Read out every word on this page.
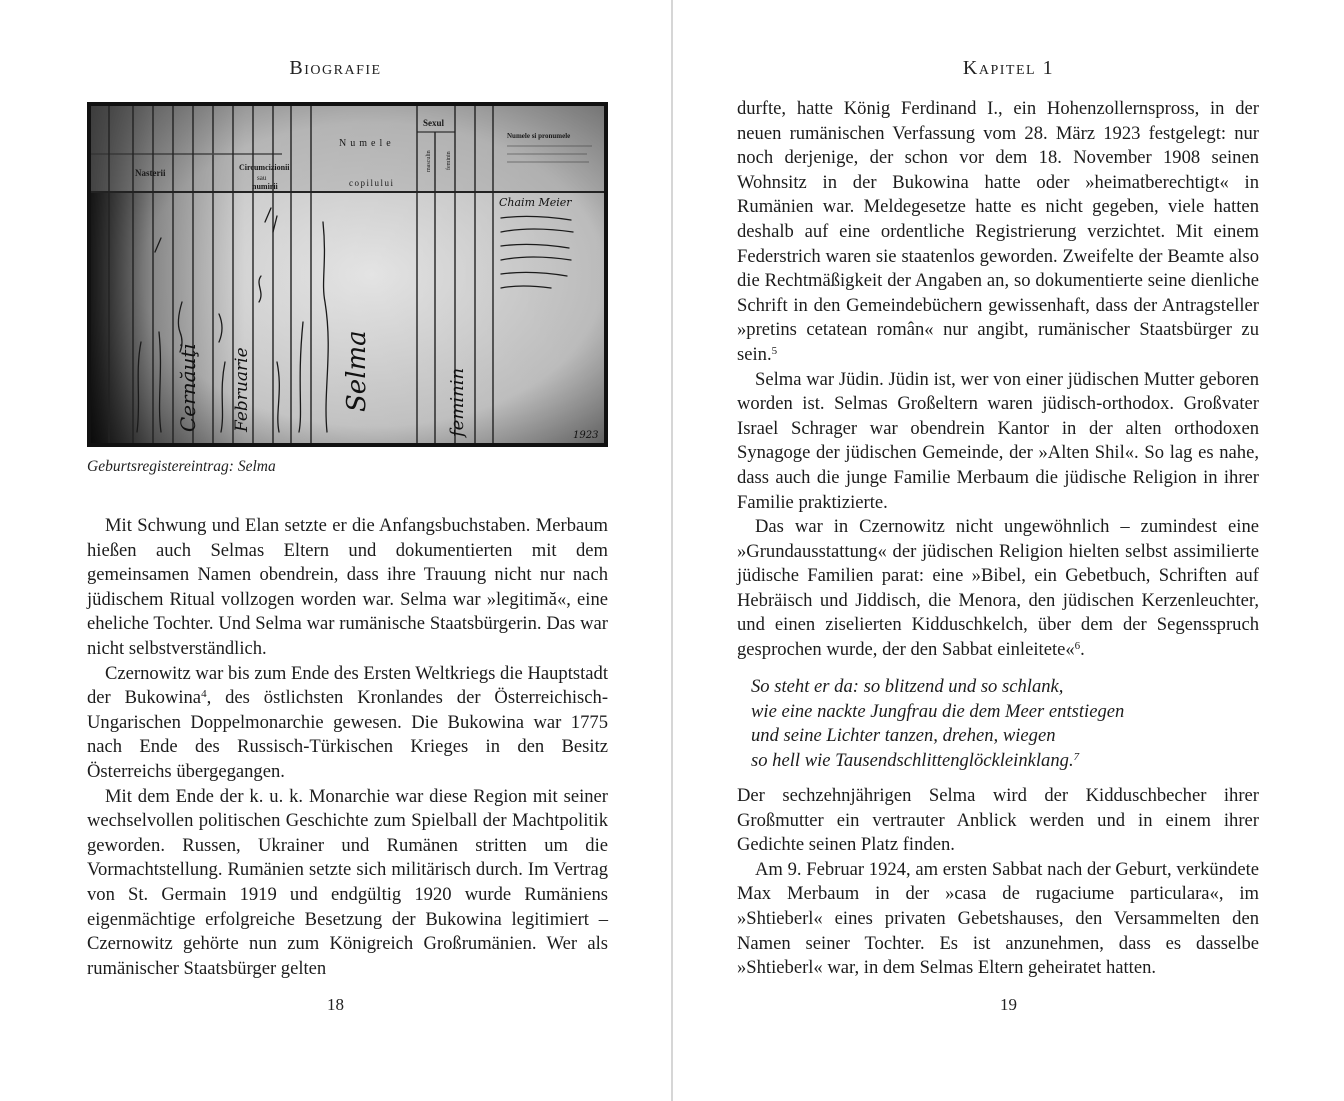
Biografie
Nasterii
Circumcizionii
sau
numirii
Numele
copilului
Sexul
masculin feminin
Numele si pronumele
Cernăuţi Februarie	Selma	feminin
Chaim Meier
1923
Geburtsregistereintrag: Selma

Mit Schwung und Elan setzte er die Anfangsbuchstaben. Merbaum hießen auch Selmas Eltern und dokumentierten mit dem gemeinsamen Namen obendrein, dass ihre Trauung nicht nur nach jüdischem Ritual vollzogen worden war. Selma war »legitimă«, eine eheliche Tochter. Und Selma war rumänische Staatsbürgerin. Das war nicht selbstverständlich.

Czernowitz war bis zum Ende des Ersten Weltkriegs die Hauptstadt der Bukowina$^4$, des östlichsten Kronlandes der Österreichisch-Ungarischen Doppelmonarchie gewesen. Die Bukowina war 1775 nach Ende des Russisch-Türkischen Krieges in den Besitz Österreichs übergegangen.

Mit dem Ende der k. u. k. Monarchie war diese Region mit seiner wechselvollen politischen Geschichte zum Spielball der Machtpolitik geworden. Russen, Ukrainer und Rumänen stritten um die Vormachtstellung. Rumänien setzte sich militärisch durch. Im Vertrag von St. Germain 1919 und endgültig 1920 wurde Rumäniens eigenmächtige erfolgreiche Besetzung der Bukowina legitimiert – Czernowitz gehörte nun zum Königreich Großrumänien. Wer als rumänischer Staatsbürger gelten

18
Kapitel 1

durfte, hatte König Ferdinand I., ein Hohenzollernspross, in der neuen rumänischen Verfassung vom 28. März 1923 festgelegt: nur noch derjenige, der schon vor dem 18. November 1908 seinen Wohnsitz in der Bukowina hatte oder »heimatberechtigt« in Rumänien war. Meldegesetze hatte es nicht gegeben, viele hatten deshalb auf eine ordentliche Registrierung verzichtet. Mit einem Federstrich waren sie staatenlos geworden. Zweifelte der Beamte also die Rechtmäßigkeit der Angaben an, so dokumentierte seine dienliche Schrift in den Gemeindebüchern gewissenhaft, dass der Antragsteller »pretins cetatean român« nur angibt, rumänischer Staatsbürger zu sein.$^5$

Selma war Jüdin. Jüdin ist, wer von einer jüdischen Mutter geboren worden ist. Selmas Großeltern waren jüdisch-orthodox. Großvater Israel Schrager war obendrein Kantor in der alten orthodoxen Synagoge der jüdischen Gemeinde, der »Alten Shil«. So lag es nahe, dass auch die junge Familie Merbaum die jüdische Religion in ihrer Familie praktizierte.

Das war in Czernowitz nicht ungewöhnlich – zumindest eine »Grundausstattung« der jüdischen Religion hielten selbst assimilierte jüdische Familien parat: eine »Bibel, ein Gebetbuch, Schriften auf Hebräisch und Jiddisch, die Menora, den jüdischen Kerzenleuchter, und einen ziselierten Kidduschkelch, über dem der Segensspruch gesprochen wurde, der den Sabbat einleitete«$^6$.

So steht er da: so blitzend und so schlank,
wie eine nackte Jungfrau die dem Meer entstiegen
und seine Lichter tanzen, drehen, wiegen
so hell wie Tausendschlittenglöckleinklang.$^7$

Der sechzehnjährigen Selma wird der Kidduschbecher ihrer Großmutter ein vertrauter Anblick werden und in einem ihrer Gedichte seinen Platz finden.

Am 9. Februar 1924, am ersten Sabbat nach der Geburt, verkündete Max Merbaum in der »casa de rugaciume particulara«, im »Shtieberl« eines privaten Gebetshauses, den Versammelten den Namen seiner Tochter. Es ist anzunehmen, dass es dasselbe »Shtieberl« war, in dem Selmas Eltern geheiratet hatten.

19
